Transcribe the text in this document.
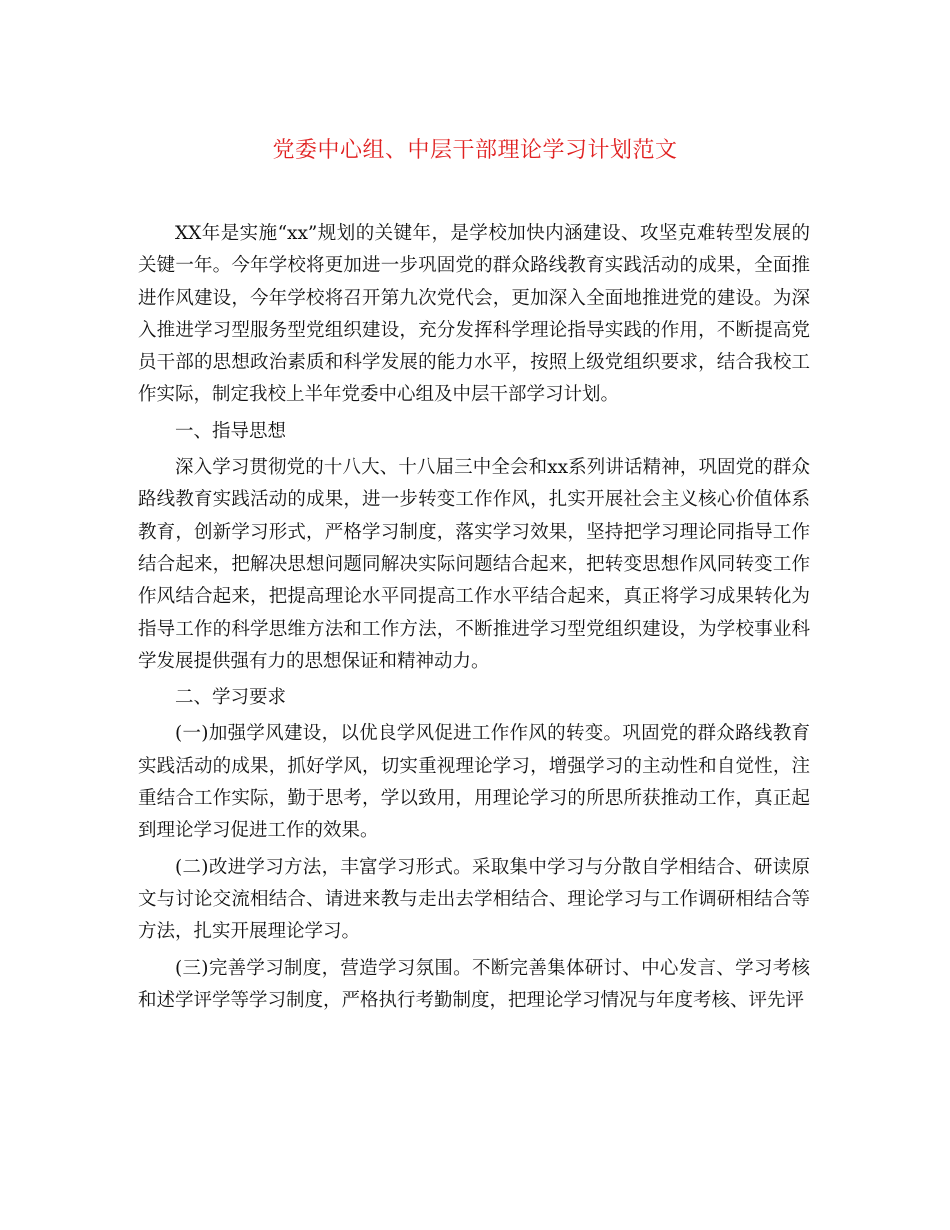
党委中心组、中层干部理论学习计划范文

XX年是实施“xx”规划的关键年，是学校加快内涵建设、攻坚克难转型发展的关键一年。今年学校将更加进一步巩固党的群众路线教育实践活动的成果，全面推进作风建设，今年学校将召开第九次党代会，更加深入全面地推进党的建设。为深入推进学习型服务型党组织建设，充分发挥科学理论指导实践的作用，不断提高党员干部的思想政治素质和科学发展的能力水平，按照上级党组织要求，结合我校工作实际，制定我校上半年党委中心组及中层干部学习计划。

一、指导思想

深入学习贯彻党的十八大、十八届三中全会和xx系列讲话精神，巩固党的群众路线教育实践活动的成果，进一步转变工作作风，扎实开展社会主义核心价值体系教育，创新学习形式，严格学习制度，落实学习效果，坚持把学习理论同指导工作结合起来，把解决思想问题同解决实际问题结合起来，把转变思想作风同转变工作作风结合起来，把提高理论水平同提高工作水平结合起来，真正将学习成果转化为指导工作的科学思维方法和工作方法，不断推进学习型党组织建设，为学校事业科学发展提供强有力的思想保证和精神动力。

二、学习要求

(一)加强学风建设，以优良学风促进工作作风的转变。巩固党的群众路线教育实践活动的成果，抓好学风，切实重视理论学习，增强学习的主动性和自觉性，注重结合工作实际，勤于思考，学以致用，用理论学习的所思所获推动工作，真正起到理论学习促进工作的效果。

(二)改进学习方法，丰富学习形式。采取集中学习与分散自学相结合、研读原文与讨论交流相结合、请进来教与走出去学相结合、理论学习与工作调研相结合等方法，扎实开展理论学习。

(三)完善学习制度，营造学习氛围。不断完善集体研讨、中心发言、学习考核和述学评学等学习制度，严格执行考勤制度，把理论学习情况与年度考核、评先评
